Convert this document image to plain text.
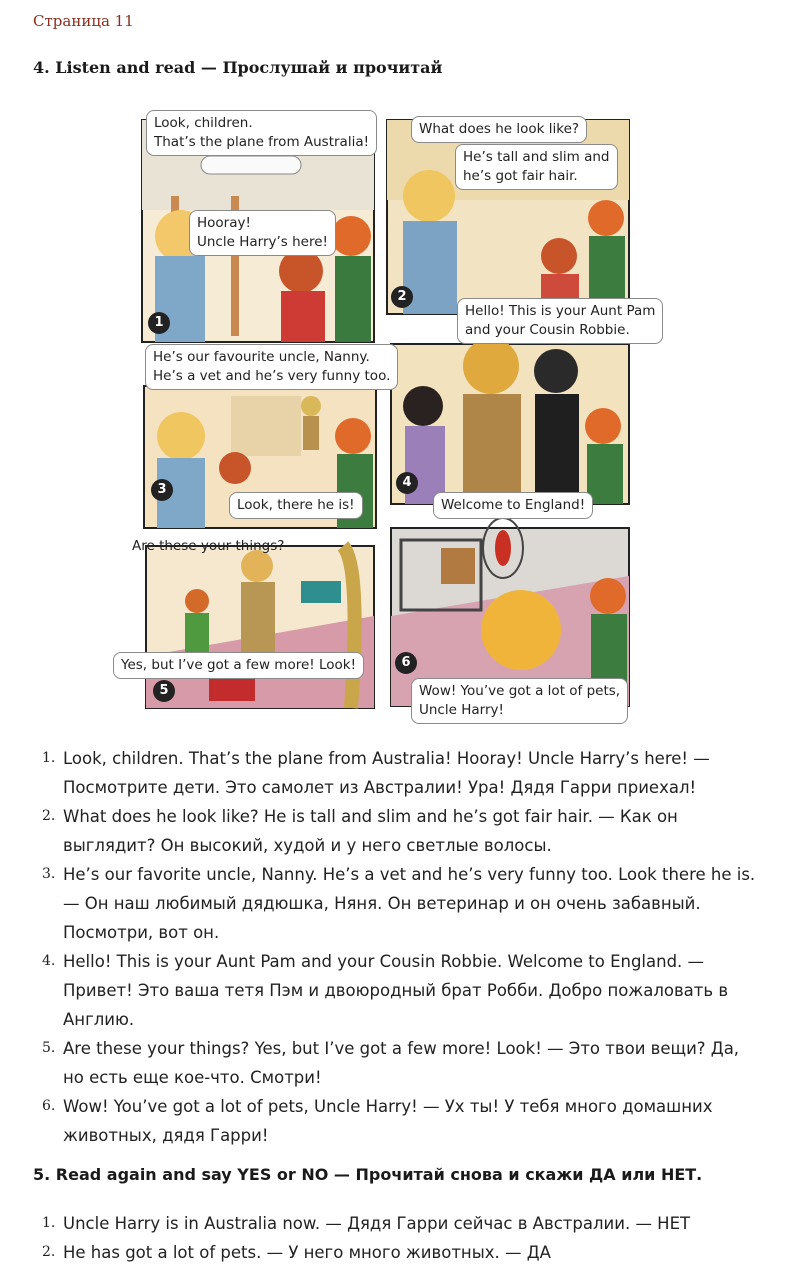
Страница 11
4. Listen and read — Прослушай и прочитай
Look, children.
That’s the plane from Australia!
Hooray!
Uncle Harry’s here!
What does he look like?
He’s tall and slim and
he’s got fair hair.
Hello! This is your Aunt Pam
and your Cousin Robbie.
He’s our favourite uncle, Nanny.
He’s a vet and he’s very funny too.
Look, there he is!	Welcome to England!
Are these your things?
Yes, but I’ve got a few more! Look!
Wow! You’ve got a lot of pets,
Uncle Harry!
1
2
3	4
5
6
1. Look, children. That’s the plane from Australia! Hooray! Uncle Harry’s here! — Посмотрите дети. Это самолет из Австралии! Ура! Дядя Гарри приехал!
2. What does he look like? He is tall and slim and he’s got fair hair. — Как он выглядит? Он высокий, худой и у него светлые волосы.
3. He’s our favorite uncle, Nanny. He’s a vet and he’s very funny too. Look there he is. — Он наш любимый дядюшка, Няня. Он ветеринар и он очень забавный. Посмотри, вот он.
4. Hello! This is your Aunt Pam and your Cousin Robbie. Welcome to England. — Привет! Это ваша тетя Пэм и двоюродный брат Робби. Добро пожаловать в Англию.
5. Are these your things? Yes, but I’ve got a few more! Look! — Это твои вещи? Да, но есть еще кое-что. Смотри!
6. Wow! You’ve got a lot of pets, Uncle Harry! — Ух ты! У тебя много домашних животных, дядя Гарри!
5. Read again and say YES or NO — Прочитай снова и скажи ДА или НЕТ.
1. Uncle Harry is in Australia now. — Дядя Гарри сейчас в Австралии. — НЕТ
2. He has got a lot of pets. — У него много животных. — ДА
